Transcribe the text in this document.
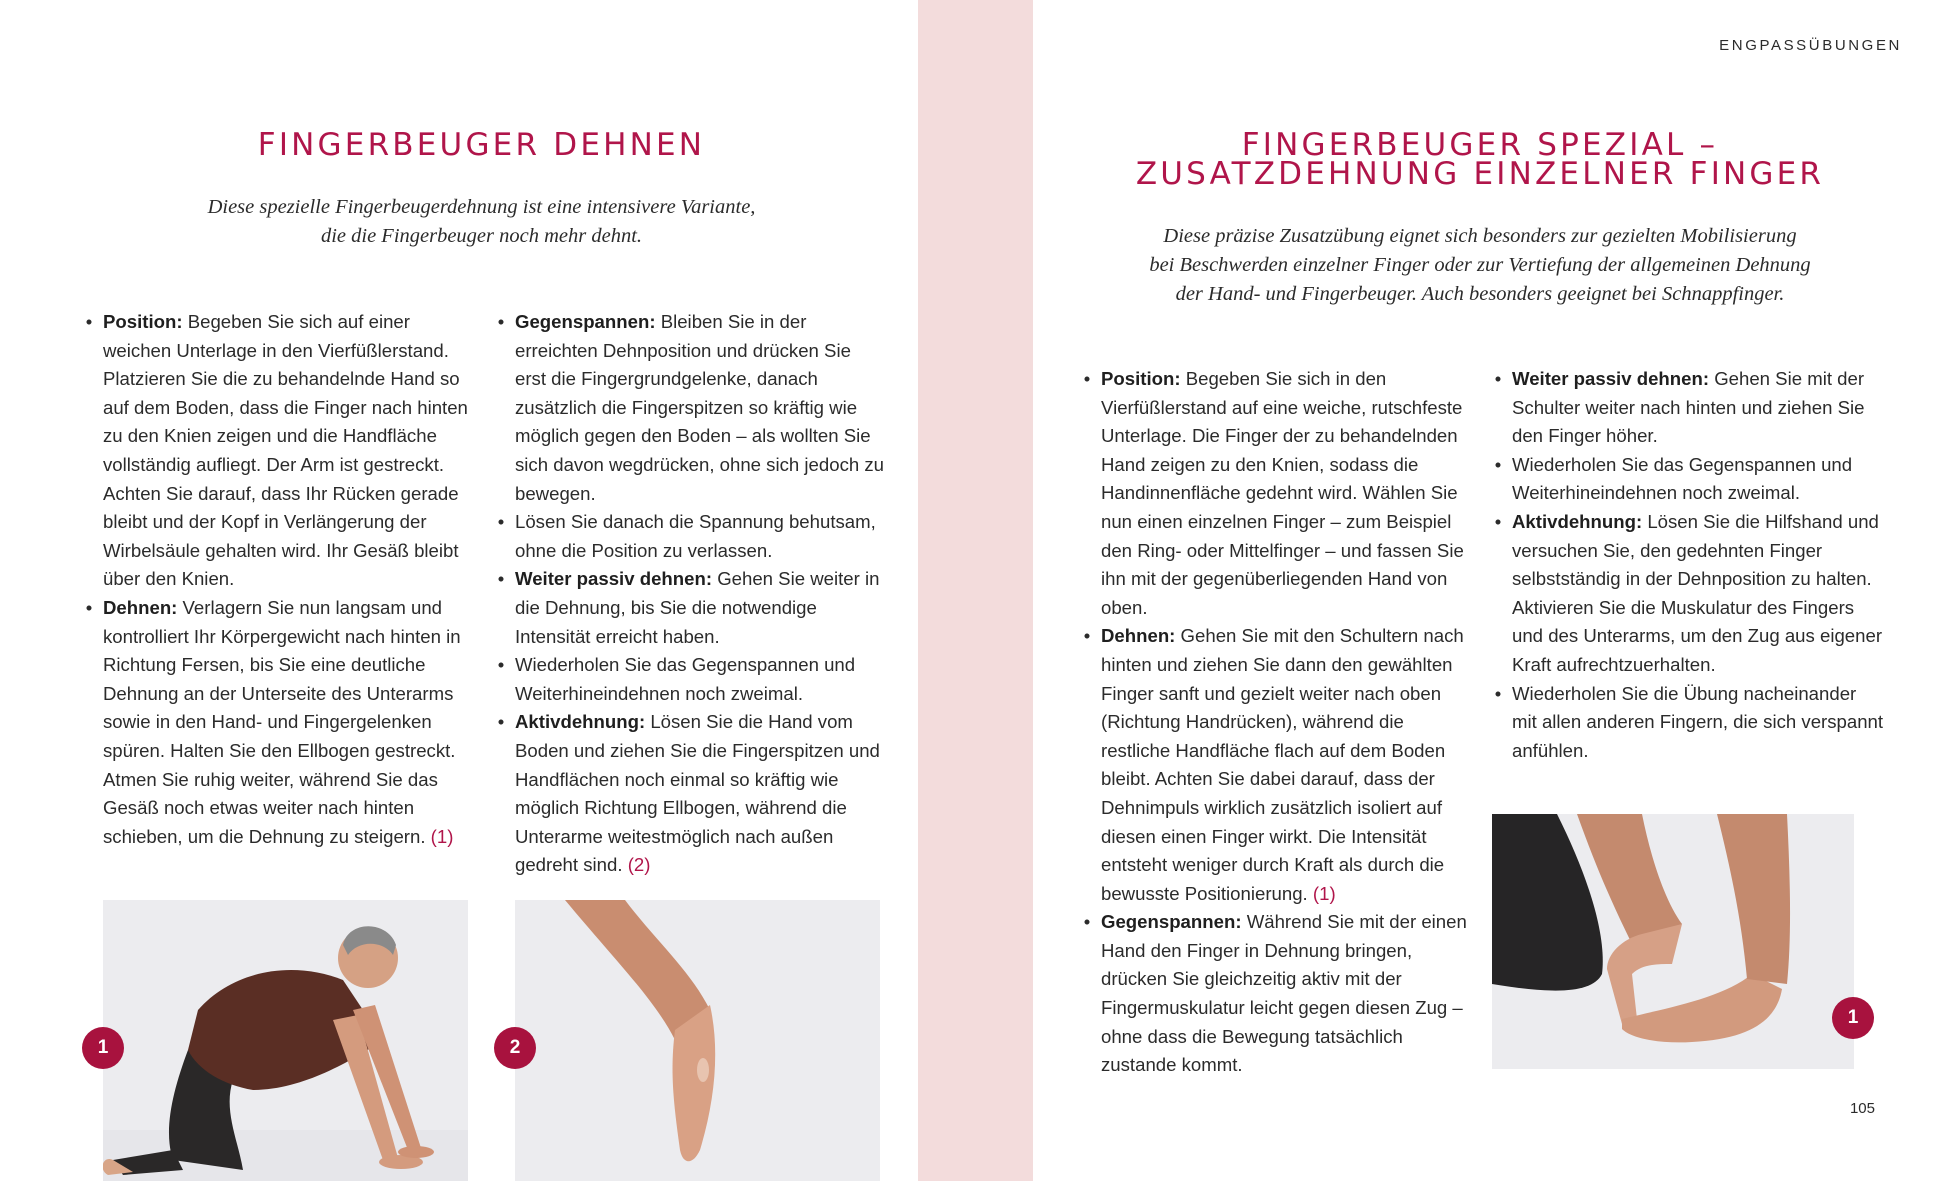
FINGERBEUGER DEHNEN
Diese spezielle Fingerbeugerdehnung ist eine intensivere Variante,
die die Fingerbeuger noch mehr dehnt.
• Position: Begeben Sie sich auf einer weichen Unterlage in den Vierfüßlerstand. Platzieren Sie die zu behandelnde Hand so auf dem Boden, dass die Finger nach hinten zu den Knien zeigen und die Handfläche vollständig aufliegt. Der Arm ist gestreckt. Achten Sie darauf, dass Ihr Rücken gerade bleibt und der Kopf in Verlängerung der Wirbelsäule gehalten wird. Ihr Gesäß bleibt über den Knien.
• Dehnen: Verlagern Sie nun langsam und kontrolliert Ihr Körpergewicht nach hinten in Richtung Fersen, bis Sie eine deutliche Dehnung an der Unterseite des Unterarms sowie in den Hand- und Fingergelenken spüren. Halten Sie den Ellbogen gestreckt. Atmen Sie ruhig weiter, während Sie das Gesäß noch etwas weiter nach hinten schieben, um die Dehnung zu steigern. (1)
• Gegenspannen: Bleiben Sie in der erreichten Dehnposition und drücken Sie erst die Fingergrundgelenke, danach zusätzlich die Fingerspitzen so kräftig wie möglich gegen den Boden – als wollten Sie sich davon wegdrücken, ohne sich jedoch zu bewegen.
• Lösen Sie danach die Spannung behutsam, ohne die Position zu verlassen.
• Weiter passiv dehnen: Gehen Sie weiter in die Dehnung, bis Sie die notwendige Intensität erreicht haben.
• Wiederholen Sie das Gegenspannen und Weiterhineindehnen noch zweimal.
• Aktivdehnung: Lösen Sie die Hand vom Boden und ziehen Sie die Fingerspitzen und Handflächen noch einmal so kräftig wie möglich Richtung Ellbogen, während die Unterarme weitestmöglich nach außen gedreht sind. (2)
1	2
ENGPASSÜBUNGEN
FINGERBEUGER SPEZIAL –
ZUSATZDEHNUNG EINZELNER FINGER
Diese präzise Zusatzübung eignet sich besonders zur gezielten Mobilisierung
bei Beschwerden einzelner Finger oder zur Vertiefung der allgemeinen Dehnung
der Hand- und Fingerbeuger. Auch besonders geeignet bei Schnappfinger.
• Position: Begeben Sie sich in den Vierfüßlerstand auf eine weiche, rutschfeste Unterlage. Die Finger der zu behandelnden Hand zeigen zu den Knien, sodass die Handinnenfläche gedehnt wird. Wählen Sie nun einen einzelnen Finger – zum Beispiel den Ring- oder Mittelfinger – und fassen Sie ihn mit der gegenüberliegenden Hand von oben.
• Dehnen: Gehen Sie mit den Schultern nach hinten und ziehen Sie dann den gewählten Finger sanft und gezielt weiter nach oben (Richtung Handrücken), während die restliche Handfläche flach auf dem Boden bleibt. Achten Sie dabei darauf, dass der Dehnimpuls wirklich zusätzlich isoliert auf diesen einen Finger wirkt. Die Intensität entsteht weniger durch Kraft als durch die bewusste Positionierung. (1)
• Gegenspannen: Während Sie mit der einen Hand den Finger in Dehnung bringen, drücken Sie gleichzeitig aktiv mit der Fingermuskulatur leicht gegen diesen Zug – ohne dass die Bewegung tatsächlich zustande kommt.
• Weiter passiv dehnen: Gehen Sie mit der Schulter weiter nach hinten und ziehen Sie den Finger höher.
• Wiederholen Sie das Gegenspannen und Weiterhineindehnen noch zweimal.
• Aktivdehnung: Lösen Sie die Hilfshand und versuchen Sie, den gedehnten Finger selbstständig in der Dehnposition zu halten. Aktivieren Sie die Muskulatur des Fingers und des Unterarms, um den Zug aus eigener Kraft aufrechtzuerhalten.
• Wiederholen Sie die Übung nacheinander mit allen anderen Fingern, die sich verspannt anfühlen.
1
105
